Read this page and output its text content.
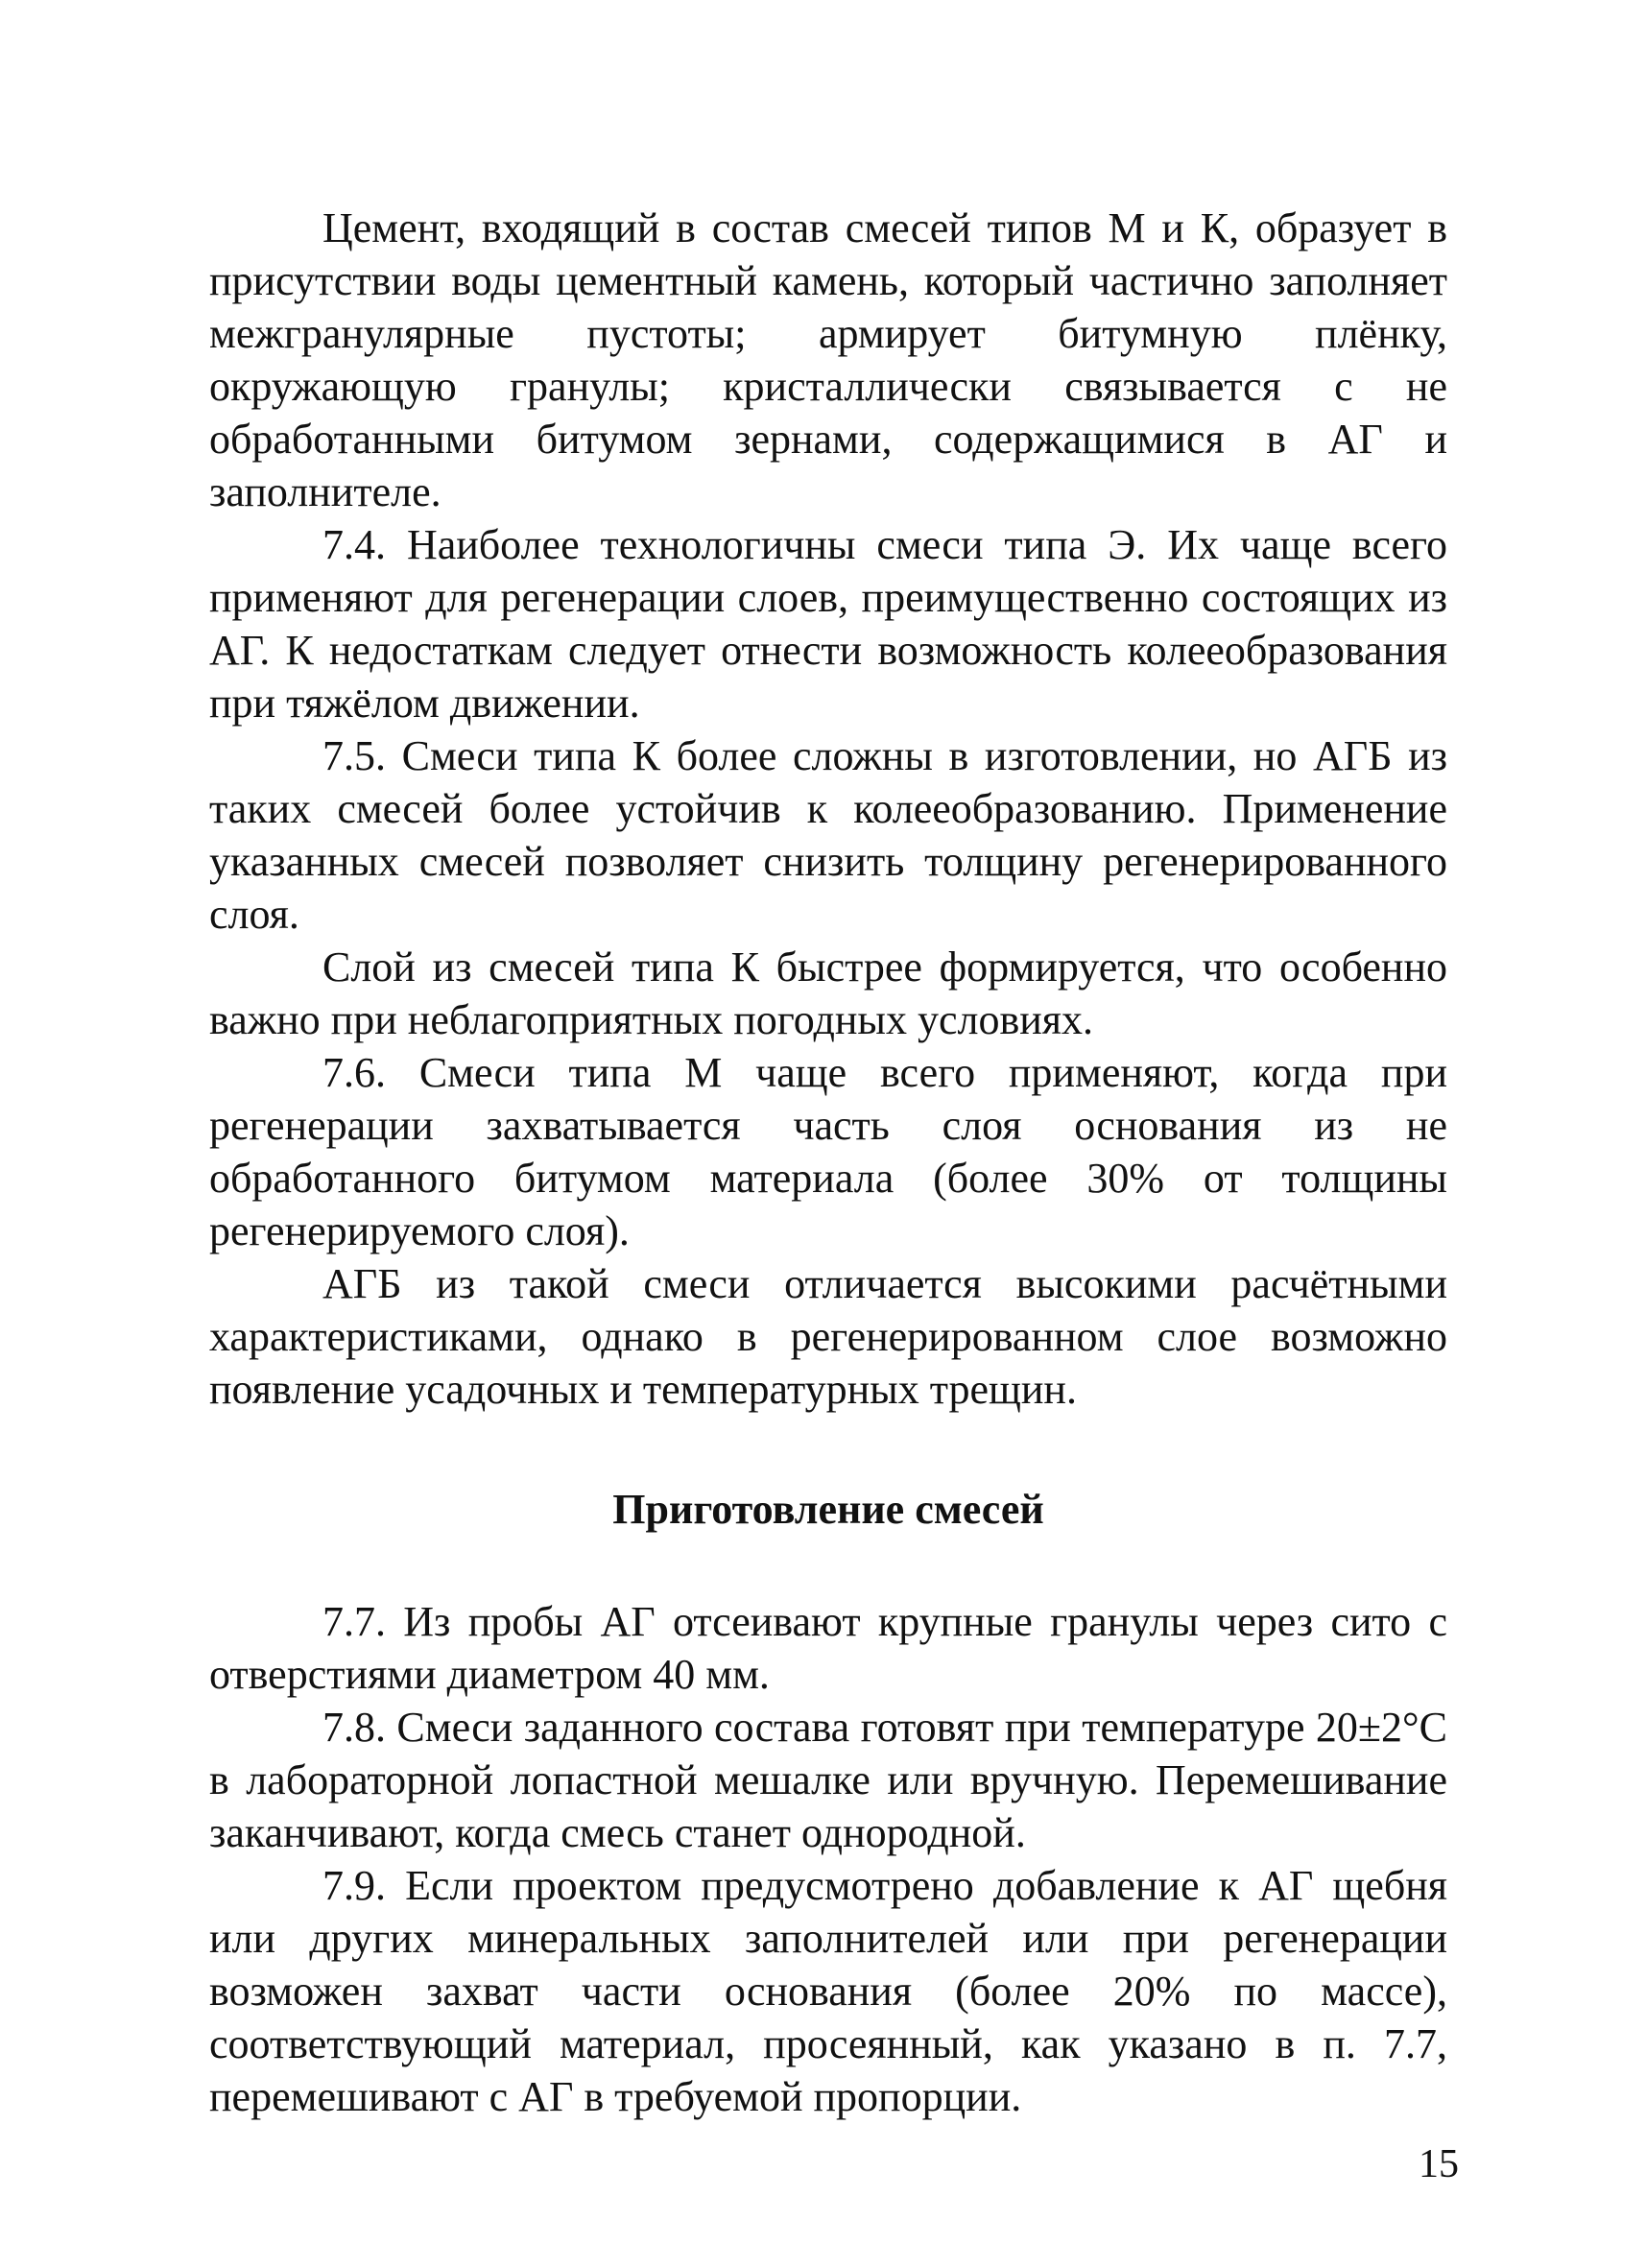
Цемент, входящий в состав смесей типов М и К, образует в присутствии воды цементный камень, который частично заполняет межгранулярные пустоты; армирует битумную плёнку, окружающую гранулы; кристаллически связывается с не обработанными битумом зернами, содержащимися в АГ и заполнителе.

7.4. Наиболее технологичны смеси типа Э. Их чаще всего применяют для регенерации слоев, преимущественно состоящих из АГ. К недостаткам следует отнести возможность колееобразования при тяжёлом движении.

7.5. Смеси типа К более сложны в изготовлении, но АГБ из таких смесей более устойчив к колееобразованию. Применение указанных смесей позволяет снизить толщину регенерированного слоя.

Слой из смесей типа К быстрее формируется, что особенно важно при неблагоприятных погодных условиях.

7.6. Смеси типа М чаще всего применяют, когда при регенерации захватывается часть слоя основания из не обработанного битумом материала (более 30% от толщины регенерируемого слоя).

АГБ из такой смеси отличается высокими расчётными характеристиками, однако в регенерированном слое возможно появление усадочных и температурных трещин.

Приготовление смесей

7.7. Из пробы АГ отсеивают крупные гранулы через сито с отверстиями диаметром 40 мм.

7.8. Смеси заданного состава готовят при температуре 20±2°С в лабораторной лопастной мешалке или вручную. Перемешивание заканчивают, когда смесь станет однородной.

7.9. Если проектом предусмотрено добавление к АГ щебня или других минеральных заполнителей или при регенерации возможен захват части основания (более 20% по массе), соответствующий материал, просеянный, как указано в п. 7.7, перемешивают с АГ в требуемой пропорции.

15
